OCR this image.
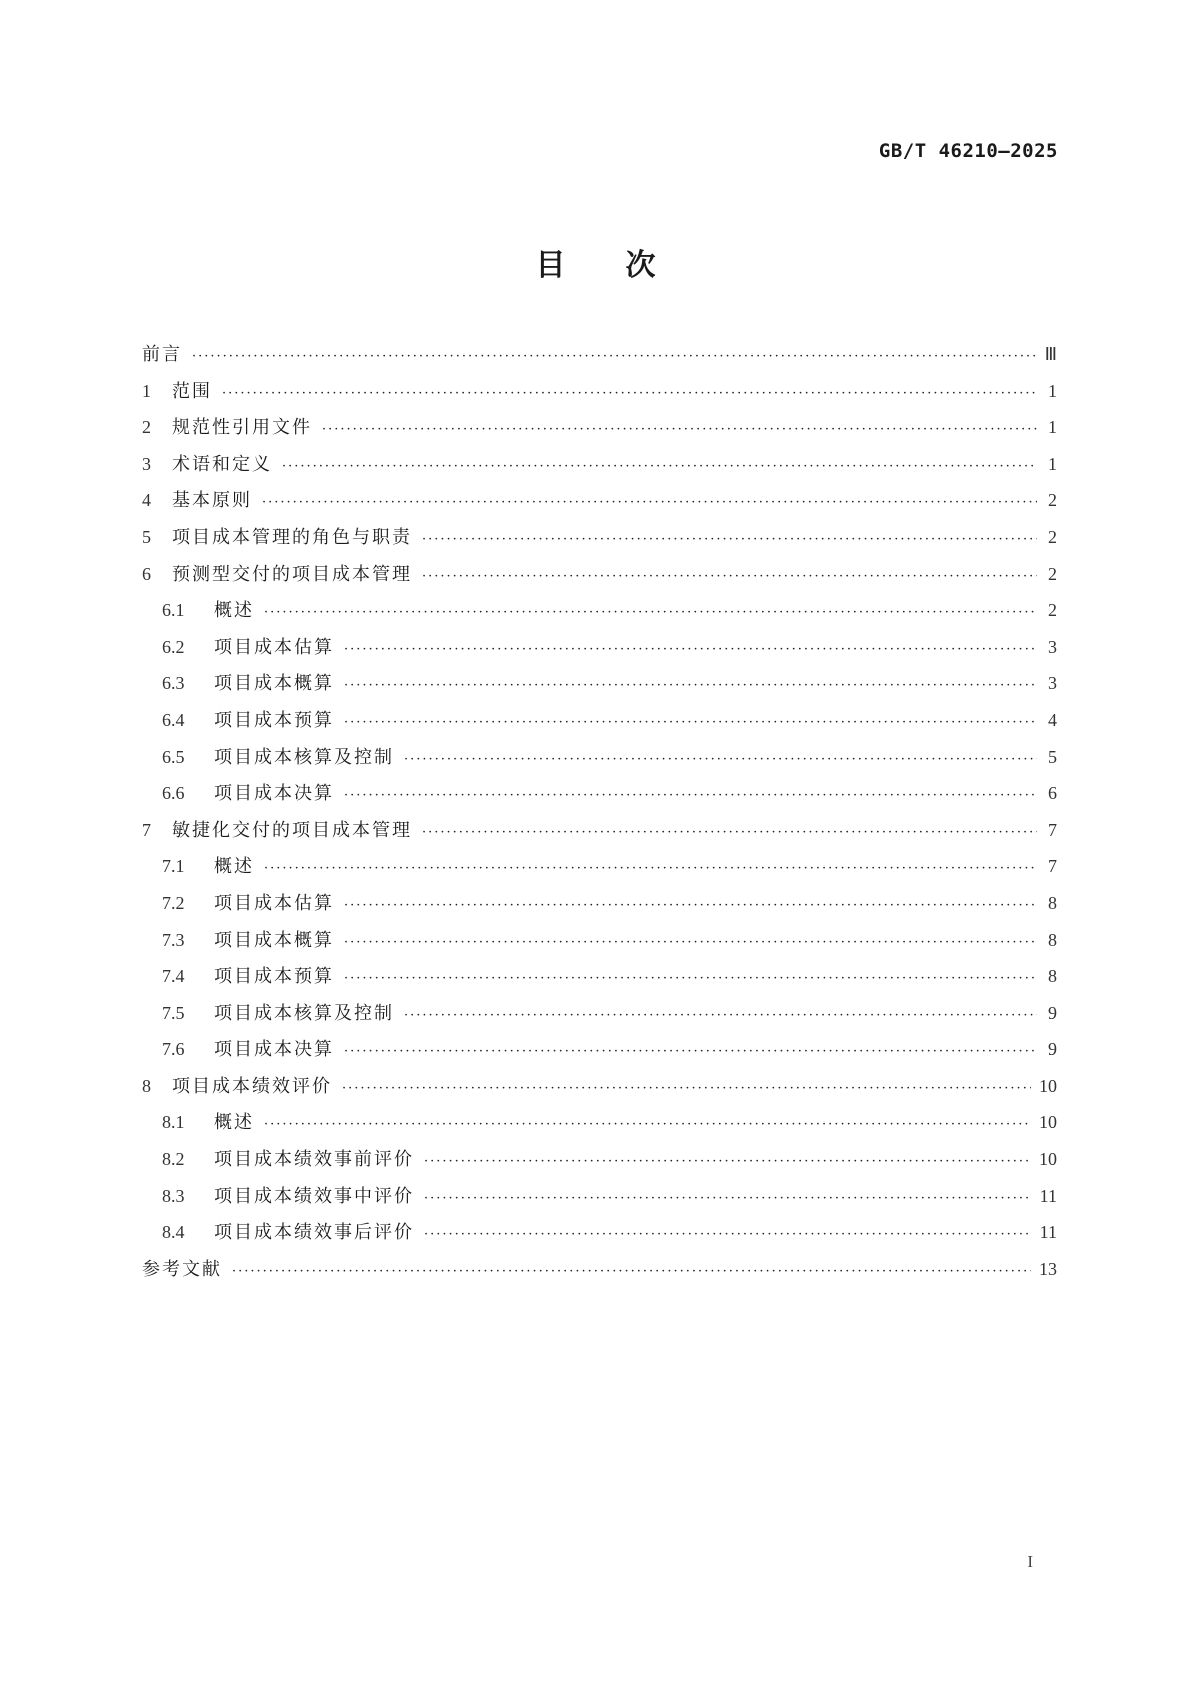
GB/T 46210—2025
目次
前言 ·····	Ⅲ
1	范围 ·····	1
2	规范性引用文件 ·····	1
3	术语和定义 ·····	1
4	基本原则 ·····	2
5	项目成本管理的角色与职责 ·····	2
6	预测型交付的项目成本管理 ·····	2
6.1	概述 ·····	2
6.2	项目成本估算 ·····	3
6.3	项目成本概算 ·····	3
6.4	项目成本预算 ·····	4
6.5	项目成本核算及控制 ·····	5
6.6	项目成本决算 ·····	6
7	敏捷化交付的项目成本管理 ·····	7
7.1	概述 ·····	7
7.2	项目成本估算 ·····	8
7.3	项目成本概算 ·····	8
7.4	项目成本预算 ·····	8
7.5	项目成本核算及控制 ·····	9
7.6	项目成本决算 ·····	9
8	项目成本绩效评价 ·····	10
8.1	概述 ·····	10
8.2	项目成本绩效事前评价 ·····	10
8.3	项目成本绩效事中评价 ·····	11
8.4	项目成本绩效事后评价 ·····	11
参考文献 ·····	13
I
